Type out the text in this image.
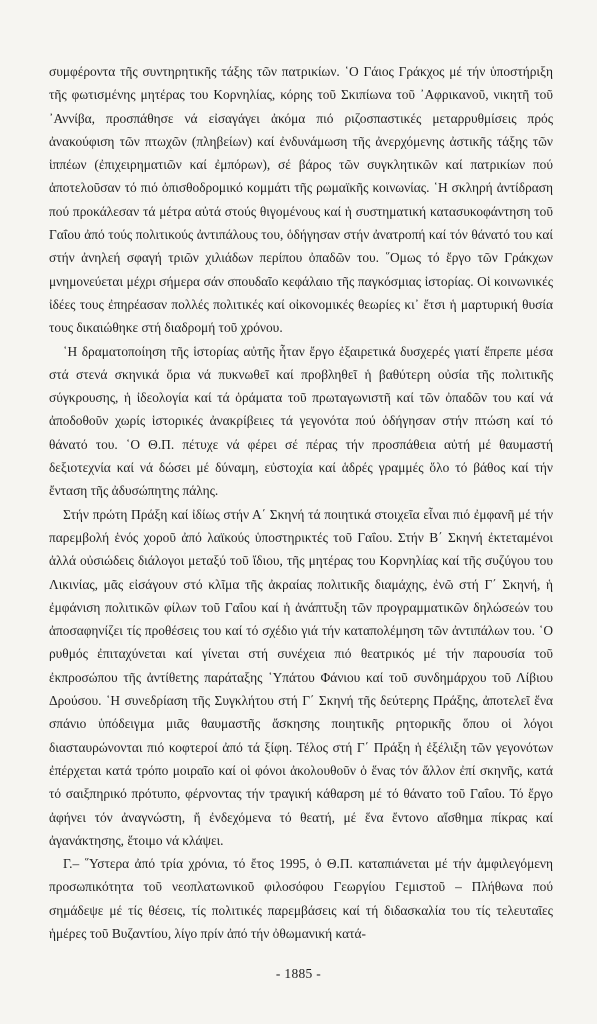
συμφέροντα τῆς συντηρητικῆς τάξης τῶν πατρικίων. ῾Ο Γάιος Γράκχος μέ τήν ὑποστήριξη τῆς φωτισμένης μητέρας του Κορνηλίας, κόρης τοῦ Σκιπίωνα τοῦ ᾿Αφρικανοῦ, νικητῆ τοῦ ᾿Αννίβα, προσπάθησε νά εἰσαγάγει ἀκόμα πιό ριζοσπαστικές μεταρρυθμίσεις πρός ἀνακούφιση τῶν πτωχῶν (πληβείων) καί ἐνδυνάμωση τῆς ἀνερχόμενης ἀστικῆς τάξης τῶν ἱππέων (ἐπιχειρηματιῶν καί ἐμπόρων), σέ βάρος τῶν συγκλητικῶν καί πατρικίων πού ἀποτελοῦσαν τό πιό ὀπισθοδρομικό κομμάτι τῆς ρωμαϊκῆς κοινωνίας. ῾Η σκληρή ἀντίδραση πού προκάλεσαν τά μέτρα αὐτά στούς θιγομένους καί ἡ συστηματική κατασυκοφάντηση τοῦ Γαΐου ἀπό τούς πολιτικούς ἀντιπάλους του, ὁδήγησαν στήν ἀνατροπή καί τόν θάνατό του καί στήν ἀνηλεή σφαγή τριῶν χιλιάδων περίπου ὀπαδῶν του. ῞Ομως τό ἔργο τῶν Γράκχων μνημονεύεται μέχρι σήμερα σάν σπουδαῖο κεφάλαιο τῆς παγκόσμιας ἱστορίας. Οἱ κοινωνικές ἰδέες τους ἐπηρέασαν πολλές πολιτικές καί οἰκονομικές θεωρίες κι᾿ ἔτσι ἡ μαρτυρική θυσία τους δικαιώθηκε στή διαδρομή τοῦ χρόνου.

῾Η δραματοποίηση τῆς ἱστορίας αὐτῆς ἦταν ἔργο ἐξαιρετικά δυσχερές γιατί ἔπρεπε μέσα στά στενά σκηνικά ὅρια νά πυκνωθεῖ καί προβληθεῖ ἡ βαθύτερη οὐσία τῆς πολιτικῆς σύγκρουσης, ἡ ἰδεολογία καί τά ὁράματα τοῦ πρωταγωνιστῆ καί τῶν ὀπαδῶν του καί νά ἀποδοθοῦν χωρίς ἱστορικές ἀνακρίβειες τά γεγονότα πού ὁδήγησαν στήν πτώση καί τό θάνατό του. ῾Ο Θ.Π. πέτυχε νά φέρει σέ πέρας τήν προσπάθεια αὐτή μέ θαυμαστή δεξιοτεχνία καί νά δώσει μέ δύναμη, εὐστοχία καί ἁδρές γραμμές ὅλο τό βάθος καί τήν ἔνταση τῆς ἀδυσώπητης πάλης.

Στήν πρώτη Πράξη καί ἰδίως στήν Α΄ Σκηνή τά ποιητικά στοιχεῖα εἶναι πιό ἐμφανῆ μέ τήν παρεμβολή ἑνός χοροῦ ἀπό λαϊκούς ὑποστηρικτές τοῦ Γαΐου. Στήν Β΄ Σκηνή ἐκτεταμένοι ἀλλά οὐσιώδεις διάλογοι μεταξύ τοῦ ἴδιου, τῆς μητέρας του Κορνηλίας καί τῆς συζύγου του Λικινίας, μᾶς εἰσάγουν στό κλῖμα τῆς ἀκραίας πολιτικῆς διαμάχης, ἐνῶ στή Γ΄ Σκηνή, ἡ ἐμφάνιση πολιτικῶν φίλων τοῦ Γαΐου καί ἡ ἀνάπτυξη τῶν προγραμματικῶν δηλώσεών του ἀποσαφηνίζει τίς προθέσεις του καί τό σχέδιο γιά τήν καταπολέμηση τῶν ἀντιπάλων του. ῾Ο ρυθμός ἐπιταχύνεται καί γίνεται στή συνέχεια πιό θεατρικός μέ τήν παρουσία τοῦ ἐκπροσώπου τῆς ἀντίθετης παράταξης ῾Υπάτου Φάνιου καί τοῦ συνδημάρχου τοῦ Λίβιου Δρούσου. ῾Η συνεδρίαση τῆς Συγκλήτου στή Γ΄ Σκηνή τῆς δεύτερης Πράξης, ἀποτελεῖ ἕνα σπάνιο ὑπόδειγμα μιᾶς θαυμαστῆς ἄσκησης ποιητικῆς ρητορικῆς ὅπου οἱ λόγοι διασταυρώνονται πιό κοφτεροί ἀπό τά ξίφη. Τέλος στή Γ΄ Πράξη ἡ ἐξέλιξη τῶν γεγονότων ἐπέρχεται κατά τρόπο μοιραῖο καί οἱ φόνοι ἀκολουθοῦν ὁ ἕνας τόν ἄλλον ἐπί σκηνῆς, κατά τό σαιξπηρικό πρότυπο, φέρνοντας τήν τραγική κάθαρση μέ τό θάνατο τοῦ Γαΐου. Τό ἔργο ἀφήνει τόν ἀναγνώστη, ἤ ἐνδεχόμενα τό θεατή, μέ ἕνα ἔντονο αἴσθημα πίκρας καί ἀγανάκτησης, ἕτοιμο νά κλάψει.

Γ.– ῞Υστερα ἀπό τρία χρόνια, τό ἔτος 1995, ὁ Θ.Π. καταπιάνεται μέ τήν ἀμφιλεγόμενη προσωπικότητα τοῦ νεοπλατωνικοῦ φιλοσόφου Γεωργίου Γεμιστοῦ – Πλήθωνα πού σημάδεψε μέ τίς θέσεις, τίς πολιτικές παρεμβάσεις καί τή διδασκαλία του τίς τελευταῖες ἡμέρες τοῦ Βυζαντίου, λίγο πρίν ἀπό τήν ὀθωμανική κατά-

- 1885 -
